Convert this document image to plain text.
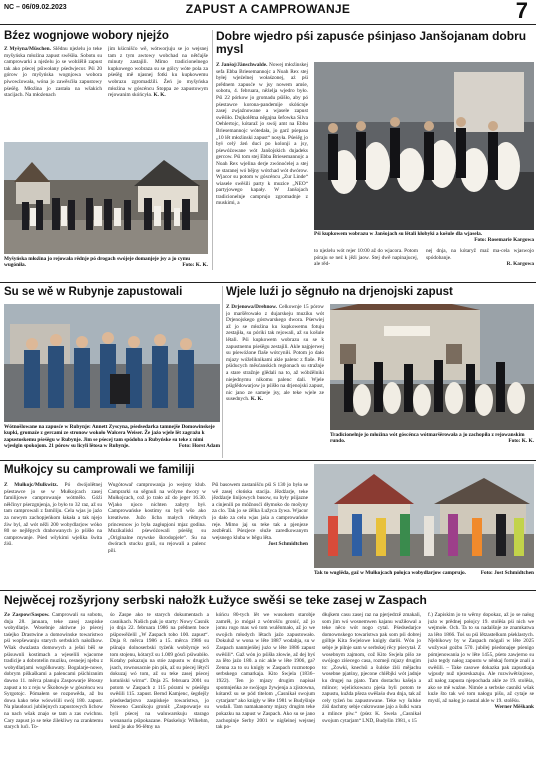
NC – 06/09.02.2023	ZAPUST A CAMPROWANJE	7
Bźez wognjowe wobory njejźo

Z Myšyna/Müschen. Slědnu njeźelu jo teke myšyńska młoźina zapust swěśiła. Sobotu su camprowarki a njeźelu jo se wobźělił zapust tak ako pśecej pśiwołany pśedwjecor. Pśi 20 górow jo myšyńska wognjowa wobora piwowźowała, wóna jo zawěsćiła zapustowy pśeśěg. Młoźina jo zastała na wšakich stacijach. Na młoźenach

jim kśicnišćo wě, wótworjuju se jo wejsnej tam z tym awtowy wobchad na nětčajše minuty zastajili. Mimo tradicionelnego kupkowego wobraza su se gólcy wóte pola za pśeśěg mě njasnej fotki ku kupkowemu wobrazu zgromadźili. Źeń jo myšyńska młoźina w góscéncu Stoppa ze zapustowym rejowanim skóńcyła. K. K.

Myšyńska młoźina jo rejowała rědnje pó drogach swójeje domanjeje jsy a jo cymu wugóniła.	Foto: K. K.
Dobre wjedro pśi zapusće pśinjaso Janšojanam dobru mysl

Z Janšoj/Jänschwalde. Nowej młoźinskej sefa Ebba Briesemannojc a Noah Rex stej byłej wjeźelnej wołaśzonej, aż pśi prědnem zapusće w jsy nowem amśe, sobotu, 4. februara, něźelja wjedro było. Pśi 22 pórkow jo gromadu pśišło, aby pó pśestawce korona-pandemije skóńcnje zasej zwjaźnowane a wjasele zapust swěśiło. Dujkolětna něgajna šefowka Silva Oehlertojc, kótaraž jo swój amt na Ebbu Briesemannojc wótedała, jo garź pśepasa „10 lět młoźinski zapust“ nosyła. Pśeśěg jo był celý źeń duci po kolonji a jsy, pśewóźowane wót Janšojskich dujadeks gercow. Pśi tom stej Ebba Briesemannojc a Noah Rex wjelina derje zwónoćelej a stej se staranej wó bějny wótchad wót dwórow. Wjacor su potom w góscéncu „Zur Linde“ wiasele swěśili party k muzice „NEO“ partyjowego kapały. W Janšojach tradicionelnje camprujo zgromadnje z muskimi, a

Pśi kupkowem wobrazu w Janšojach su lětali kłobyki a košule dla wjasela.
Foto: Rosemarie Kargowa

to njeźelu wót rejer 10:00 až do wjacora. Potom póraju se neź k jěźi jaow. Stej dwě napinajucej, ale rěd-

nej dnja, na kótaryž maź ma-cela wjaswojo spódobanje.

R. Kargowa

Su se wě w Rubynje zapustowali
Wótnošlowane na zapusće w Rubynje: Annett Zyscyna, pśedsedarka tamnejše Domowinskeje kupki, gromaźe z gercami ze stronow wokoło Wałcera Weiser. Že jaźo wjele lět zagrażu k zapustoskemu pśeśěgu w Rubynje. Jim se pśecej tam spódoba a Rubyńske su teke z nimi wjeslgin spokojom. 21 pórow su licyli lětosa w Rubynje.	Foto: Horst Adam
Wjele luźi jo sěgnuło na drjenojski zapust

Z Drjenowa/Drehnow. Celkownje 15 pórow jo maršěrowało z dujarskeju muziku wót Drjenojskego góstwarskego dwora. Pśerwiej až jo se młoźina ku kupkowemu fotuju zestajiła, su póriki tak rejowali, až su košule lětali. Pśi kupkowem wobrazu su se k zapustnemu pśeśěgu zestajili. Akle najpjerwej su pśewóźone flaše wótcyniłi. Potom jo dało mjazy wóželiknikami akle palenc z flaše. Pśi pśiducych měsćanskich regionach su stražnje a stare stražnje glědali na to, až wóbźělniki niejednymu nikomu palenc dali. Wjele pśiglědowarjow jo pśišło na drjenojski zapust, nic jano ze sameje jsy, ale teke wjele ze susednych. K. K.

Tradicionelnje jo młoźina wót góscénca wótmaršěrowała a jo zachopiła z rejowanskim rundo.	Foto: K. K.
Mułkojcy su camprowali we familiji

Z Mułkojc/Mulkwitz. Pó dwójolětnej pśestawce jo se w Mułkojcach zasej familijowe camprowanje wótmělo. Góźi něłčinyr pśerzgnjenja, jo było to 32 raz, až su tam camprowali z familiju. Cela wjas jo jaźo za nowym zachopjeńkom łakała a tak njejo źiw byl, až wót něži 200 wobydlarjow wóko 80 se nejlěpych drahowanych jo pśišło na camprowanje. Pśed wšykimi wjelika šwita źiśi.

Wugótowař camprowanja jo wejsny klub. Camprarki su sěgnuli na wólyne dwory w Mułkojcach, což jo trało až do jeger 16.30. Wjako njoco nichten zabyty był. Camprowańske kostimy su byli wšo ako kreatiwne. Južo licba małych rědnych princesnow jo była zagłupjoni mjaz godina. Muzikaliski pśewóźowali pśeśěg su „Originalne mywske škrodopjele“. Su na dwórach stucku grali, su rejowali a palenc píli.

Pśi basowem zastanišću pśi S 130 jo była se wě zasej cłońska stacija. Jězdźarje, teke jězdźarje linijowych busow, su były pśijazne a cinjenili po móžnosći dłymoko do mošyny za clo. Tak jo se źělka Łužyca žywa. Wjacor jo dało za celu wjas jaśa a camprowańske reje. Mimo jaj su teke tak a pjenjeze zezběrali. Pśezjece słuže zaredkowanym wejsnego kluba w běgu lěta.

Jost Schmidtchen

Tak to wuglěda, gaž w Mułkojcach połojca wobydlarjow camprujo.	Foto: Jost Schmidtchen
Nejwěcej rozšyrjony serbski nałožk Łužyce swěśi se teke zasej w Zaspach

Ze Zaspow/Saspow. Camprowali su sobotu, dnja 28. januara, teke zasej zaspiske wobydlarje. Wosebnje aktiwne jo pśecej taśejko Drastwine a domowinske towaristwo pśi wopšewanju starych serbskich nałožkow. Wšak dwaźasta domowych a ješni běš se pśisuwnli kostimach a wjeselili wjacorne tradicije a dobrotelin muziku, cesnejej njebu z wobydlarjami wogólkowaty. Bogalarje-nowe, dobrym piškaškami a palencami pśichiranim dawno 11. měrca planuju Zaspowarje lětosny zapust a to z reju w Škobowje w góscéncu wu Syrgotojc. Pómałem se rozpowěda, až bu dowa kako teke wóswiśili swój 180. zapust. Na plaudouci jubilejnych zapustowych lichow na nach wšak znajo se tam a zas cwichnu. Cary zapust jo se teke źilekliwy na zranktemu starych lući. To-

śo Zaspe ako te starych dokumentach a casnikach. Našich pak jo starty: Nowy Casnik jo dnja 22. februara 1986 na prědnem boce pśipowěźelil „W Zaspach tobo 100. zapust“. Dnja 8. měrca 1986 a 15. měrca 1986 su pśinajo dolnoserbski tyźeńk wobšyrnje wó tom stojenu, kótaryž su 1.009 gósći pśiwabiło. Kotahy pokazuju na stóe zapustu w drugich jsach, rownosacnie pin pik, až su pśecej lětyčí dokuzaj wó tom, až su teke zasej pśecej kotuńiski wirnu“. Dnja 25. februara 2001 su potom w Zaspach z 115 pórami w pśeśěgu swěśili 115. zapust. Bernd Kamjenc, śegdejšy pśedsedarjstvo zaspiskeje towaristwa, jo Noweno Casnikoju gronił: „Zaspowarje su byli pśecej na waluwarskuju starago wonanaria pśipokazane. Pśaskelojc Wilkehm, kenž jo ako 96-lětny na

kóńcu 80-tych lět we wusokem starobje zamrěł, jo mógał z wótrošću gronić, až jo jomu rogo mas wó tom wulěnmało, až jo we swojich młodych lětach jaźo zapustowało. Dokuluž w wona w lěte 1887 wodabja, su w Zaspach nanmjeńšej jużo w lěte 1886 zapust swěśili“. Gaž wón jo pśišła złowie, až dej byś za lěto jaźo 180. a nic akle w lěte 1906, ga? Zenna za to su knigły w Zaspach rozmotopo serbskego camarkaja. Kito Swjela (1836–1922). Ten jo mjazy drugim napisał spomnjeńka ze swójogo žywjenja a zjistowna, kótarež su se pód titelom „Casnikał swojum cytarjam“ ako knigły w lěte 1981 w Budyšinje wudali. Tam namakanomy mjazy drugim teke pokazku na zapust w Zaspach. Ako su se jano zachopinje Serby 2001 w nigšeinej wejsnej tak po-

dłujkem casu zasej raz na pjerjedrzě zmakali, som jim wó wosnemwen kajanu wužiłowal a teke něco wót nogo cytal. Pśedsedarjce domownskego towaristwa pak som pśi dobrej gólbje Kita Swjelowe knigły dariłi. Wón jo sebje je pilnje sam w serbskej rěcy pśecytał. Z wosebnym zajmom, což Kito Swjela pišo ze swójogo ziśecego casa, rozmeji mjazy drugim to: „Zowki, knechśi a šulske źiśi mějachu wosebne pjatśny, pjecone chlěbjki wót jadnje ku drugej na pjato. Tam dostachu kašeja a mlince; wjelickowacu pjeśa byli potom te zapustu, kužda pšeza swěšaśo dwa dnja, tak až cely tyźeń bu zapustowane. Teke wy šulske źiśi dachmy sebje cukrowane jajo a šulki wara a mlince piw.“ (pśez K. Swela „Casnikał swojum cytarjam“ LND, Budyšin 1981, s 15

f.) Zapiskim jo to wěrny dopokaz, až jo se nałog jużo w prědnej połojcy 19. stolěśa pśi nich we wejmołe. Och. Ta to su nadalšnje ze znamkatwa za lěto 1866. Toś su pśi lětzastelkum pśeklastych. Njebikowy by w Zaspach mógali w lěte 2025 wužywał gożbu 570. jubilej pśedonajęe pśenigo pómjenowania jo w lěte 1455, pśeto zawjerno su jużo tegdy nałog zapustu w něnkaj formje znali a swěśili. – Take casowe dokazka pak zapustkaja wjpudy nuž njezeskazuju. Ale rozwiwětśnjowe, až nałog zapusta njepochada akle ze 19. stolěśa, ako se mě waźne. Nimóe a serbske casniki wšak kuźe što tak wó tom nałogu pišu, až cytaje se myslí, až nałog jo nastal akle w 19. stolěśu.

Werner Měškank
